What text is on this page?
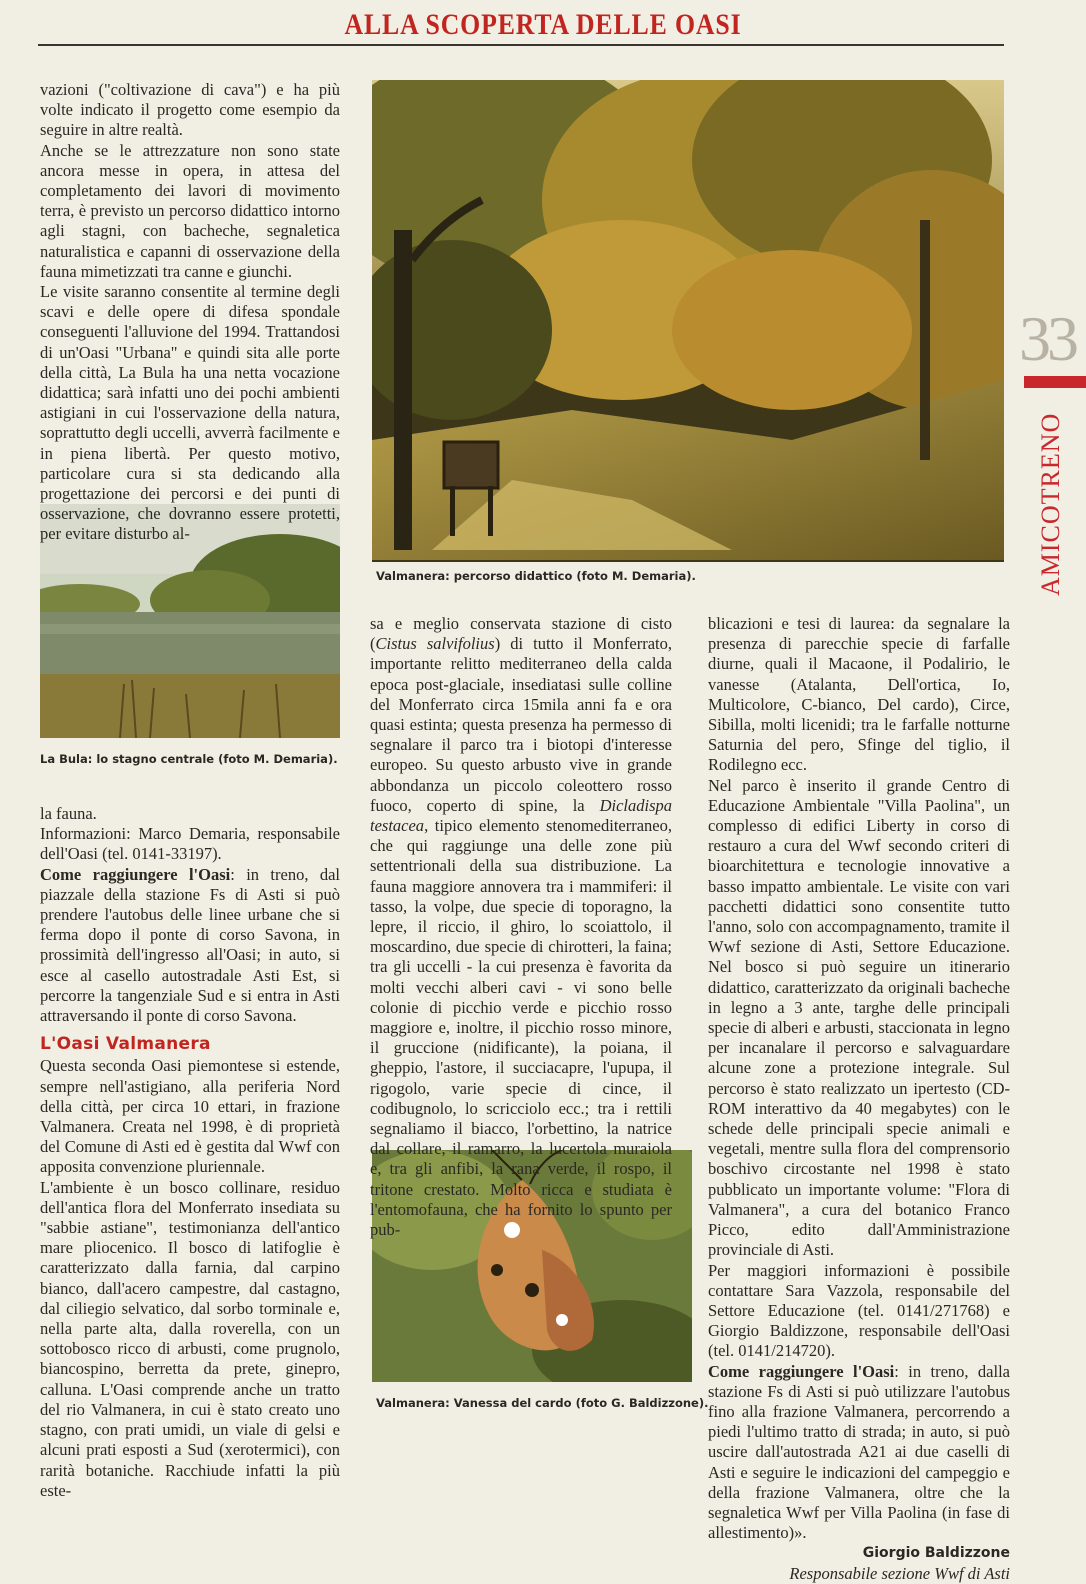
ALLA SCOPERTA DELLE OASI
33
AMICOTRENO
Valmanera: percorso didattico (foto M. Demaria).
La Bula: lo stagno centrale (foto M. Demaria).
Valmanera: Vanessa del cardo (foto G. Baldizzone).

vazioni ("coltivazione di cava") e ha più volte indicato il progetto come esempio da seguire in altre realtà.

Anche se le attrezzature non sono state ancora messe in opera, in attesa del completamento dei lavori di movimento terra, è previsto un percorso didattico intorno agli stagni, con bacheche, segnaletica naturalistica e capanni di osservazione della fauna mimetizzati tra canne e giunchi.

Le visite saranno consentite al termine degli scavi e delle opere di difesa spondale conseguenti l'alluvione del 1994. Trattandosi di un'Oasi "Urbana" e quindi sita alle porte della città, La Bula ha una netta vocazione didattica; sarà infatti uno dei pochi ambienti astigiani in cui l'osservazione della natura, soprattutto degli uccelli, avverrà facilmente e in piena libertà. Per questo motivo, particolare cura si sta dedicando alla progettazione dei percorsi e dei punti di osservazione, che dovranno essere protetti, per evitare disturbo al-

la fauna.

Informazioni: Marco Demaria, responsabile dell'Oasi (tel. 0141-33197).

Come raggiungere l'Oasi: in treno, dal piazzale della stazione Fs di Asti si può prendere l'autobus delle linee urbane che si ferma dopo il ponte di corso Savona, in prossimità dell'ingresso all'Oasi; in auto, si esce al casello autostradale Asti Est, si percorre la tangenziale Sud e si entra in Asti attraversando il ponte di corso Savona.

L'Oasi Valmanera

Questa seconda Oasi piemontese si estende, sempre nell'astigiano, alla periferia Nord della città, per circa 10 ettari, in frazione Valmanera. Creata nel 1998, è di proprietà del Comune di Asti ed è gestita dal Wwf con apposita convenzione pluriennale.

L'ambiente è un bosco collinare, residuo dell'antica flora del Monferrato insediata su "sabbie astiane", testimonianza dell'antico mare pliocenico. Il bosco di latifoglie è caratterizzato dalla farnia, dal carpino bianco, dall'acero campestre, dal castagno, dal ciliegio selvatico, dal sorbo torminale e, nella parte alta, dalla roverella, con un sottobosco ricco di arbusti, come prugnolo, biancospino, berretta da prete, ginepro, calluna. L'Oasi comprende anche un tratto del rio Valmanera, in cui è stato creato uno stagno, con prati umidi, un viale di gelsi e alcuni prati esposti a Sud (xerotermici), con rarità botaniche. Racchiude infatti la più este-

sa e meglio conservata stazione di cisto (Cistus salvifolius) di tutto il Monferrato, importante relitto mediterraneo della calda epoca post-glaciale, insediatasi sulle colline del Monferrato circa 15mila anni fa e ora quasi estinta; questa presenza ha permesso di segnalare il parco tra i biotopi d'interesse europeo. Su questo arbusto vive in grande abbondanza un piccolo coleottero rosso fuoco, coperto di spine, la Dicladispa testacea, tipico elemento stenomediterraneo, che qui raggiunge una delle zone più settentrionali della sua distribuzione. La fauna maggiore annovera tra i mammiferi: il tasso, la volpe, due specie di toporagno, la lepre, il riccio, il ghiro, lo scoiattolo, il moscardino, due specie di chirotteri, la faina; tra gli uccelli - la cui presenza è favorita da molti vecchi alberi cavi - vi sono belle colonie di picchio verde e picchio rosso maggiore e, inoltre, il picchio rosso minore, il gruccione (nidificante), la poiana, il gheppio, l'astore, il succiacapre, l'upupa, il rigogolo, varie specie di cince, il codibugnolo, lo scricciolo ecc.; tra i rettili segnaliamo il biacco, l'orbettino, la natrice dal collare, il ramarro, la lucertola muraiola e, tra gli anfibi, la rana verde, il rospo, il tritone crestato. Molto ricca e studiata è l'entomofauna, che ha fornito lo spunto per pub-

blicazioni e tesi di laurea: da segnalare la presenza di parecchie specie di farfalle diurne, quali il Macaone, il Podalirio, le vanesse (Atalanta, Dell'ortica, Io, Multicolore, C-bianco, Del cardo), Circe, Sibilla, molti licenidi; tra le farfalle notturne Saturnia del pero, Sfinge del tiglio, il Rodilegno ecc.

Nel parco è inserito il grande Centro di Educazione Ambientale "Villa Paolina", un complesso di edifici Liberty in corso di restauro a cura del Wwf secondo criteri di bioarchitettura e tecnologie innovative a basso impatto ambientale. Le visite con vari pacchetti didattici sono consentite tutto l'anno, solo con accompagnamento, tramite il Wwf sezione di Asti, Settore Educazione. Nel bosco si può seguire un itinerario didattico, caratterizzato da originali bacheche in legno a 3 ante, targhe delle principali specie di alberi e arbusti, staccionata in legno per incanalare il percorso e salvaguardare alcune zone a protezione integrale. Sul percorso è stato realizzato un ipertesto (CD-ROM interattivo da 40 megabytes) con le schede delle principali specie animali e vegetali, mentre sulla flora del comprensorio boschivo circostante nel 1998 è stato pubblicato un importante volume: "Flora di Valmanera", a cura del botanico Franco Picco, edito dall'Amministrazione provinciale di Asti.

Per maggiori informazioni è possibile contattare Sara Vazzola, responsabile del Settore Educazione (tel. 0141/271768) e Giorgio Baldizzone, responsabile dell'Oasi (tel. 0141/214720).

Come raggiungere l'Oasi: in treno, dalla stazione Fs di Asti si può utilizzare l'autobus fino alla frazione Valmanera, percorrendo a piedi l'ultimo tratto di strada; in auto, si può uscire dall'autostrada A21 ai due caselli di Asti e seguire le indicazioni del campeggio e della frazione Valmanera, oltre che la segnaletica Wwf per Villa Paolina (in fase di allestimento)».

Giorgio Baldizzone

Responsabile sezione Wwf di Asti
